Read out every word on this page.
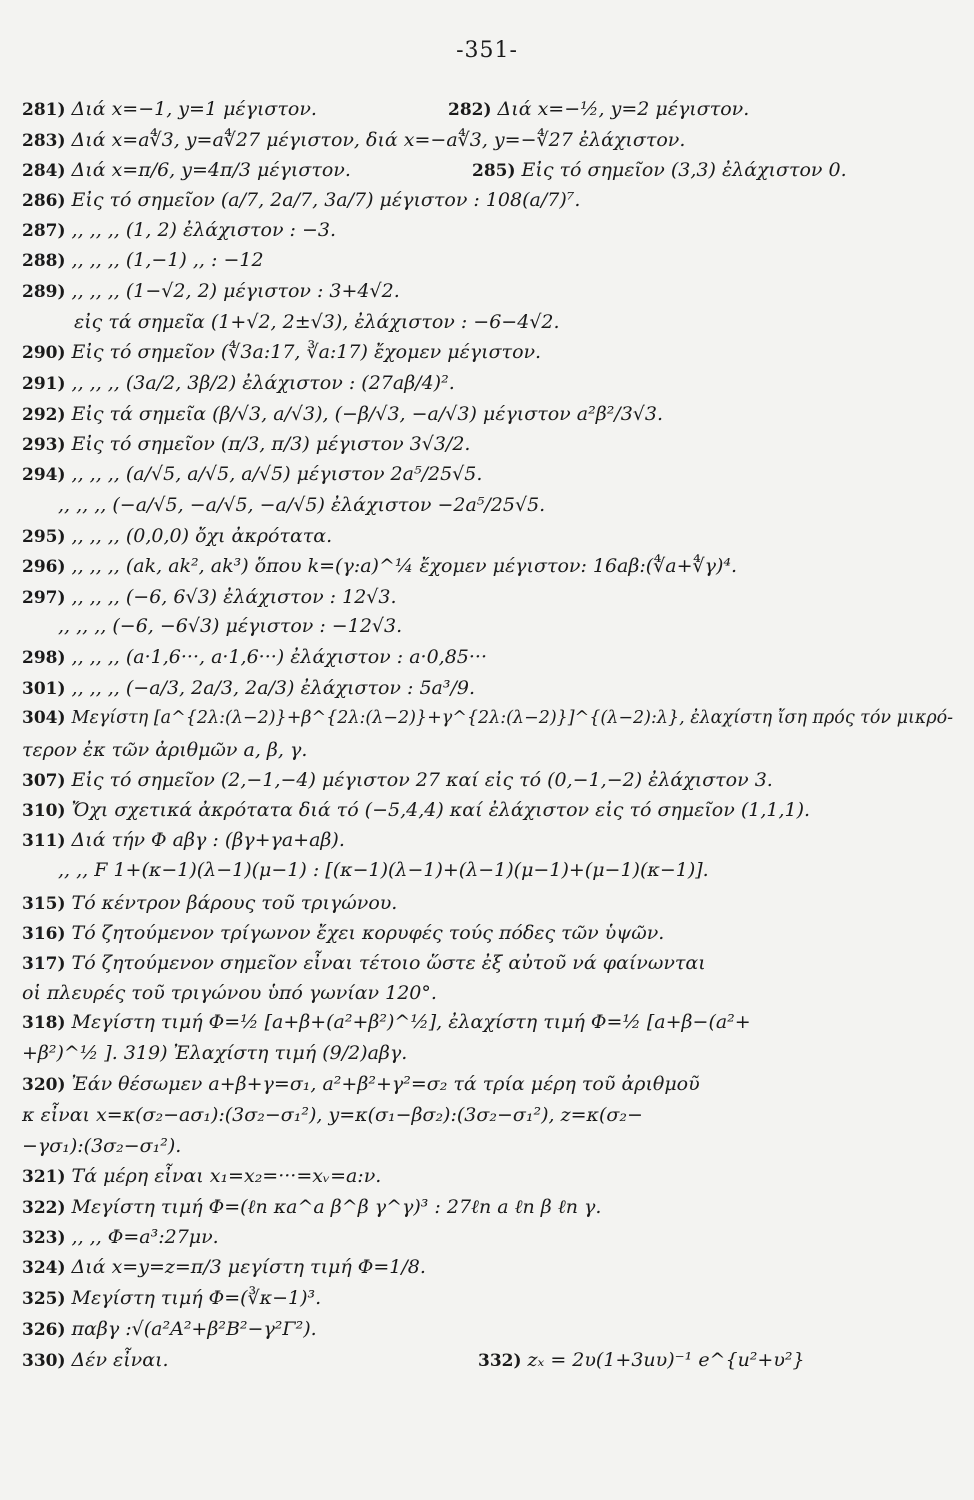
-351-
281) Διά x=−1, y=1 μέγιστον.	282) Διά x=−½, y=2 μέγιστον.
283) Διά x=a∜3, y=a∜27 μέγιστον, διά x=−a∜3, y=−∜27 ἐλάχιστον.
284) Διά x=π/6, y=4π/3 μέγιστον.	285) Εἰς τό σημεῖον (3,3) ἐλάχιστον 0.
286) Εἰς τό σημεῖον (a/7, 2a/7, 3a/7) μέγιστον : 108(a/7)⁷.
287) ,, ,, ,, (1, 2) ἐλάχιστον : −3.
288) ,, ,, ,, (1,−1) ,, : −12
289) ,, ,, ,, (1−√2, 2) μέγιστον : 3+4√2.
εἰς τά σημεῖα (1+√2, 2±√3), ἐλάχιστον : −6−4√2.
290) Εἰς τό σημεῖον (∜3a:17, ∛a:17) ἔχομεν μέγιστον.
291) ,, ,, ,, (3a/2, 3β/2) ἐλάχιστον : (27aβ/4)².
292) Εἰς τά σημεῖα (β/√3, a/√3), (−β/√3, −a/√3) μέγιστον a²β²/3√3.
293) Εἰς τό σημεῖον (π/3, π/3) μέγιστον 3√3/2.
294) ,, ,, ,, (a/√5, a/√5, a/√5) μέγιστον 2a⁵/25√5.
,, ,, ,, (−a/√5, −a/√5, −a/√5) ἐλάχιστον −2a⁵/25√5.
295) ,, ,, ,, (0,0,0) ὄχι ἀκρότατα.
296) ,, ,, ,, (ak, ak², ak³) ὅπου k=(γ:a)^¼ ἔχομεν μέγιστον: 16aβ:(∜a+∜γ)⁴.
297) ,, ,, ,, (−6, 6√3) ἐλάχιστον : 12√3.
,, ,, ,, (−6, −6√3) μέγιστον : −12√3.
298) ,, ,, ,, (a·1,6···, a·1,6···) ἐλάχιστον : a·0,85···
301) ,, ,, ,, (−a/3, 2a/3, 2a/3) ἐλάχιστον : 5a³/9.
304) Μεγίστη [a^{2λ:(λ−2)}+β^{2λ:(λ−2)}+γ^{2λ:(λ−2)}]^{(λ−2):λ}, ἐλαχίστη ἴση πρός τόν μικρό-
τερον ἐκ τῶν ἀριθμῶν a, β, γ.
307) Εἰς τό σημεῖον (2,−1,−4) μέγιστον 27 καί εἰς τό (0,−1,−2) ἐλάχιστον 3.
310) Ὄχι σχετικά ἀκρότατα διά τό (−5,4,4) καί ἐλάχιστον εἰς τό σημεῖον (1,1,1).
311) Διά τήν Φ aβγ : (βγ+γa+aβ).
,, ,, F 1+(κ−1)(λ−1)(μ−1) : [(κ−1)(λ−1)+(λ−1)(μ−1)+(μ−1)(κ−1)].
315) Τό κέντρον βάρους τοῦ τριγώνου.
316) Τό ζητούμενον τρίγωνον ἔχει κορυφές τούς πόδες τῶν ὑψῶν.
317) Τό ζητούμενον σημεῖον εἶναι τέτοιο ὥστε ἐξ αὐτοῦ νά φαίνωνται
οἱ πλευρές τοῦ τριγώνου ὑπό γωνίαν 120°.
318) Μεγίστη τιμή Φ=½ [a+β+(a²+β²)^½], ἐλαχίστη τιμή Φ=½ [a+β−(a²+
+β²)^½ ]. 319) Ἐλαχίστη τιμή (9/2)aβγ.
320) Ἐάν θέσωμεν a+β+γ=σ₁, a²+β²+γ²=σ₂ τά τρία μέρη τοῦ ἀριθμοῦ
κ εἶναι x=κ(σ₂−aσ₁):(3σ₂−σ₁²), y=κ(σ₁−βσ₂):(3σ₂−σ₁²), z=κ(σ₂−
−γσ₁):(3σ₂−σ₁²).
321) Τά μέρη εἶναι x₁=x₂=···=xᵥ=a:ν.
322) Μεγίστη τιμή Φ=(ℓn κa^a β^β γ^γ)³ : 27ℓn a ℓn β ℓn γ.
323) ,, ,, Φ=a³:27μν.
324) Διά x=y=z=π/3 μεγίστη τιμή Φ=1/8.
325) Μεγίστη τιμή Φ=(∛κ−1)³.
326) παβγ :√(a²A²+β²B²−γ²Γ²).
330) Δέν εἶναι.	332) zₓ = 2υ(1+3uυ)⁻¹ e^{u²+υ²}
